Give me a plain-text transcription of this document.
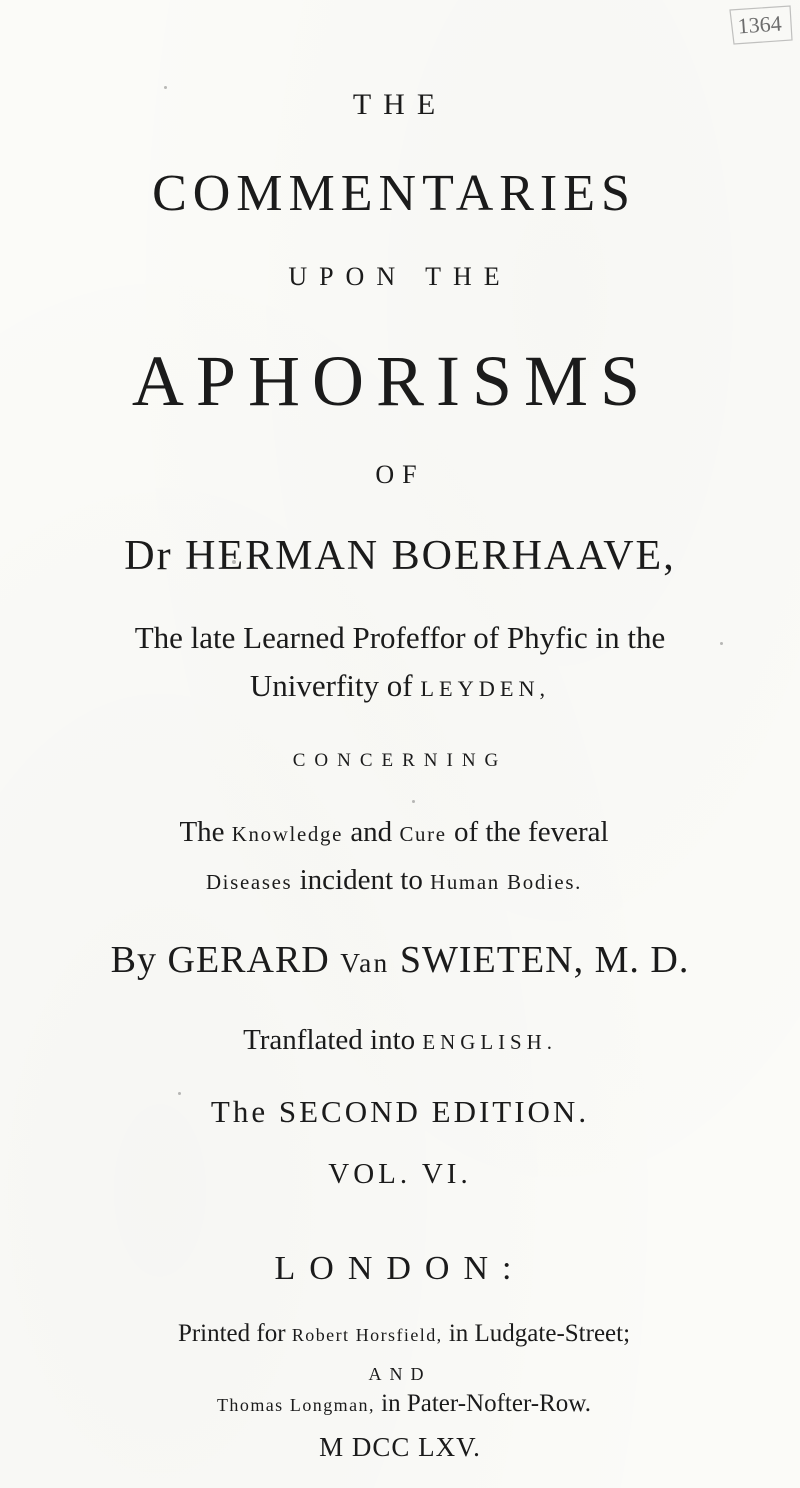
1364
THE
COMMENTARIES
UPON THE
APHORISMS
OF
Dr HERMAN BOERHAAVE,
The late Learned Profeffor of Phyfic in the
Univerfity of LEYDEN,
CONCERNING
The Knowledge and Cure of the feveral
Diseases incident to Human Bodies.
By GERARD Van SWIETEN, M. D.
Tranflated into ENGLISH.
The SECOND EDITION.
VOL. VI.
LONDON:
Printed for Robert Horsfield, in Ludgate-Street;
AND
Thomas Longman, in Pater-Nofter-Row.
M DCC LXV.
